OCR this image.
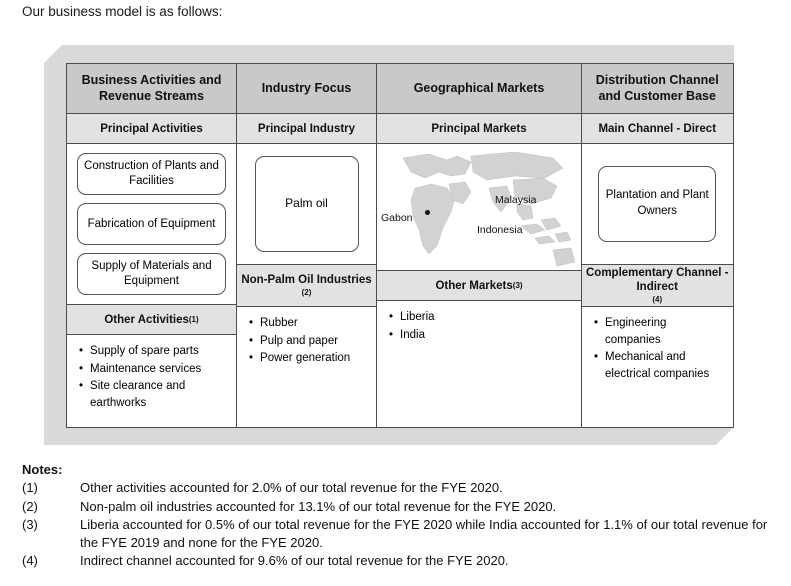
Our business model is as follows:
Business Activities and Revenue Streams
Principal Activities
Construction of Plants and Facilities
Fabrication of Equipment
Supply of Materials and Equipment
Other Activities (1)
• Supply of spare parts
• Maintenance services
• Site clearance and earthworks
Industry Focus
Principal Industry
Palm oil
Non-Palm Oil Industries
(2)
• Rubber
• Pulp and paper
• Power generation
Geographical Markets
Principal Markets
Gabon
Malaysia
Indonesia
Other Markets (3)
• Liberia
• India
Distribution Channel and Customer Base
Main Channel - Direct
Plantation and Plant Owners
Complementary Channel - Indirect
(4)
• Engineering companies
• Mechanical and electrical companies
Notes:
(1)	Other activities accounted for 2.0% of our total revenue for the FYE 2020.
(2)	Non-palm oil industries accounted for 13.1% of our total revenue for the FYE 2020.
(3)	Liberia accounted for 0.5% of our total revenue for the FYE 2020 while India accounted for 1.1% of our total revenue for the FYE 2019 and none for the FYE 2020.
(4)	Indirect channel accounted for 9.6% of our total revenue for the FYE 2020.
